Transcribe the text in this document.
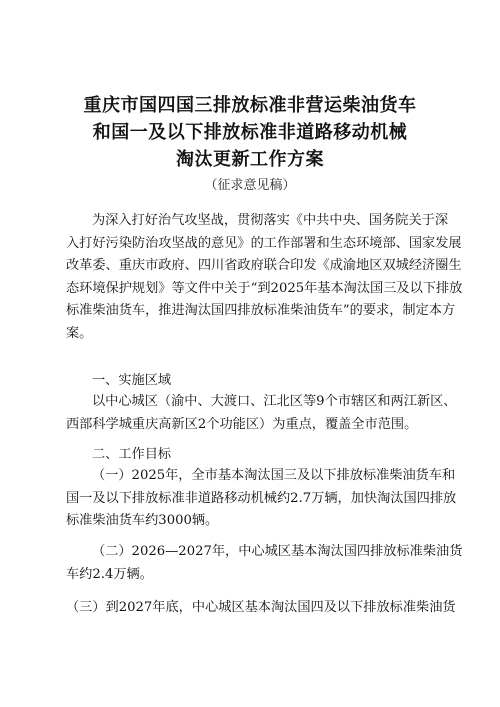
重庆市国四国三排放标准非营运柴油货车
和国一及以下排放标准非道路移动机械
淘汰更新工作方案
（征求意见稿）
为深入打好治气攻坚战，贯彻落实《中共中央、国务院关于深
入打好污染防治攻坚战的意见》的工作部署和生态环境部、国家发展
改革委、重庆市政府、四川省政府联合印发《成渝地区双城经济圈生
态环境保护规划》等文件中关于“到2025年基本淘汰国三及以下排放
标准柴油货车，推进淘汰国四排放标准柴油货车”的要求，制定本方
案。
一、实施区域
以中心城区（渝中、大渡口、江北区等9个市辖区和两江新区、
西部科学城重庆高新区2个功能区）为重点，覆盖全市范围。
二、工作目标
（一）2025年，全市基本淘汰国三及以下排放标准柴油货车和
国一及以下排放标准非道路移动机械约2.7万辆，加快淘汰国四排放
标准柴油货车约3000辆。
（二）2026—2027年，中心城区基本淘汰国四排放标准柴油货
车约2.4万辆。
（三）到2027年底，中心城区基本淘汰国四及以下排放标准柴油货
